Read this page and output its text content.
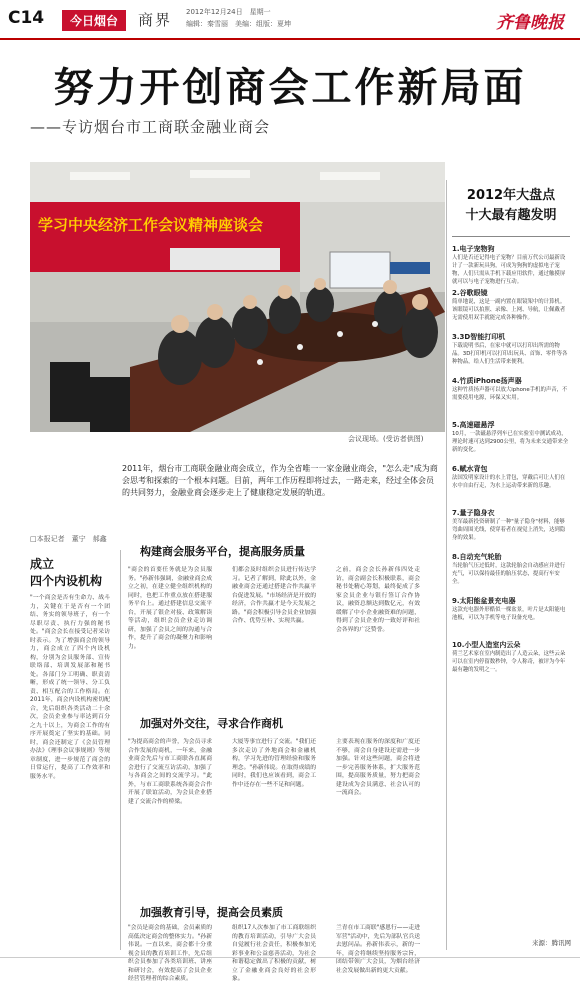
C14	今日烟台	商界 2012年12月24日　星期一
编辑：秦雪丽　美编：组版：夏坤	齐鲁晚报
努力开创商会工作新局面
——专访烟台市工商联金融业商会
学习中央经济工作会议精神座谈会
会议现场。(受访者供图)
2011年，烟台市工商联金融业商会成立，作为全省唯一一家金融业商会，"怎么走"成为商会思考和探索的一个根本问题。目前，两年工作历程即将过去，一路走来，经过全体会员的共同努力，金融业商会逐步走上了健康稳定发展的轨道。
□本报记者　董宁　郝鑫
2012年大盘点
十大最有趣发明
1.电子宠物狗
人们是否还记得电子宠物？目前万代公司最新设计了一款新玩具狗，可成为狗狗的虚拟电子宠物，人们只需从手机下载应用软件，通过触摸屏就可以与电子宠物进行互动。
2.谷歌眼镜
简单地说，这是一副内置在眼镜架中的计算机。该眼镜可以拍照、录像、上网、导航，让佩戴者无需使用双手就能完成各种操作。
3.3D智能打印机
下载说明书后，在家中就可以打印出所需的物品。3D打印机可以打印出玩具、首饰、零件等各种物品，给人们生活带来便利。
4.竹质iPhone扬声器
这种竹质扬声器可以放大iphone手机的声音，不需要使用电源，环保又实用。
5.高速磁悬浮
10月，一款磁悬浮列车已在实验室中测试成功，理论时速可达到2900公里，将为未来交通带来全新的变化。
6.赋水背包
法国发明家设计的水上背包，穿戴后可让人们在水中自由行走，为水上运动带来新的乐趣。
7.量子隐身衣
美军最新投资研制了一种"量子隐身"材料，能够弯曲周围光线，使穿着者在视觉上消失，达到隐身的效果。
8.自动充气轮胎
当轮胎气压过低时，这款轮胎会自动感应并进行充气，可以保持最佳的胎压状态，提高行车安全。
9.太阳能盆景充电器
这款充电器外形酷似一棵盆景，叶片是太阳能电池板，可以为手机等电子设备充电。
10.小型人造室内云朵
荷兰艺术家在室内制造出了人造云朵，这些云朵可以在室内停留数秒钟，令人称奇，被评为今年最有趣的发明之一。
来源：腾讯网
成立
四个内设机构
"一个商会是否有生命力、战斗力，关键在于是否有一个团结、务实的领导班子，有一个尽职尽责、执行力强的秘书处。"商会会长在接受记者采访时表示。为了增强商会的领导力，商会成立了四个内设机构，分别为会员服务部、宣传联络部、培训发展部和秘书处。各部门分工明确、职责清晰，形成了统一领导、分工负责、相互配合的工作格局。在2011年，商会内设机构密切配合，先后组织各类活动二十余次，会员企业参与率达到百分之九十以上，为商会工作的有序开展奠定了坚实的基础。同时，商会还制定了《会员管理办法》《理事会议事规则》等规章制度，进一步规范了商会的日常运行，提高了工作效率和服务水平。
构建商会服务平台，提高服务质量
"商会的首要任务就是为会员服务。"孙新伟强调，金融业商会成立之初，在建立健全组织机构的同时，也把工作重点放在搭建服务平台上。通过搭建信息交流平台，开展了银企对接、政策解读等活动，组织会员企业走访调研，加强了会员之间的沟通与合作，提升了商会的凝聚力和影响力。
们都会及时组织会员进行传达学习。记者了解到，除此以外，金融业商会还通过搭建合作共赢平台促进发展。"市场经济是开放的经济，合作共赢才是今天发展之路。"商会积极引导会员企业加强合作、优势互补、实现共赢。
之前，商会会长孙新伟四处走访，商会副会长积极联系，商会秘书处精心筹划，最终促成了多家会员企业与银行签订合作协议，融资总额达到数亿元，有效缓解了中小企业融资难的问题，得到了会员企业的一致好评和社会各界的广泛赞誉。
加强对外交往，寻求合作商机
"为提高商会的声誉，为会员寻求合作发展的商机，一年来，金融业商会先后与市工商联各直属商会进行了交流互访活动，加强了与各商会之间的交流学习。"此外，与市工商联系统各商会合作开展了联谊活动，为会员企业搭建了交流合作的桥梁。
大厦等事宜进行了交流。"我们还多次走访了外地商会和金融机构，学习先进的管理经验和服务理念。"孙新伟说。在取得成绩的同时，我们也应该看到，商会工作中还存在一些不足和问题。
主要表现在服务的深度和广度还不够，商会自身建设还需进一步加强。针对这些问题，商会将进一步完善服务体系，扩大服务范围，提高服务质量，努力把商会建设成为会员满意、社会认可的一流商会。
加强教育引导，提高会员素质
"会员是商会的基础，会员素质的高低决定商会的整体实力。"孙新伟说。一直以来，商会都十分重视会员的教育培训工作，先后组织会员参加了各类培训班、讲座和研讨会，有效提高了会员企业经营管理者的综合素质。
组织17人次参加了市工商联组织的教育培训活动，引导广大会员自觉履行社会责任，积极参加光彩事业和公益慈善活动，为社会和谐稳定做出了积极的贡献，树立了金融业商会良好的社会形象。
兰青在市工商联"感恩行——走进军营"活动中，先后为部队官兵送去慰问品。孙新伟表示，新的一年，商会将继续坚持服务宗旨，团结带领广大会员，为烟台经济社会发展做出新的更大贡献。
